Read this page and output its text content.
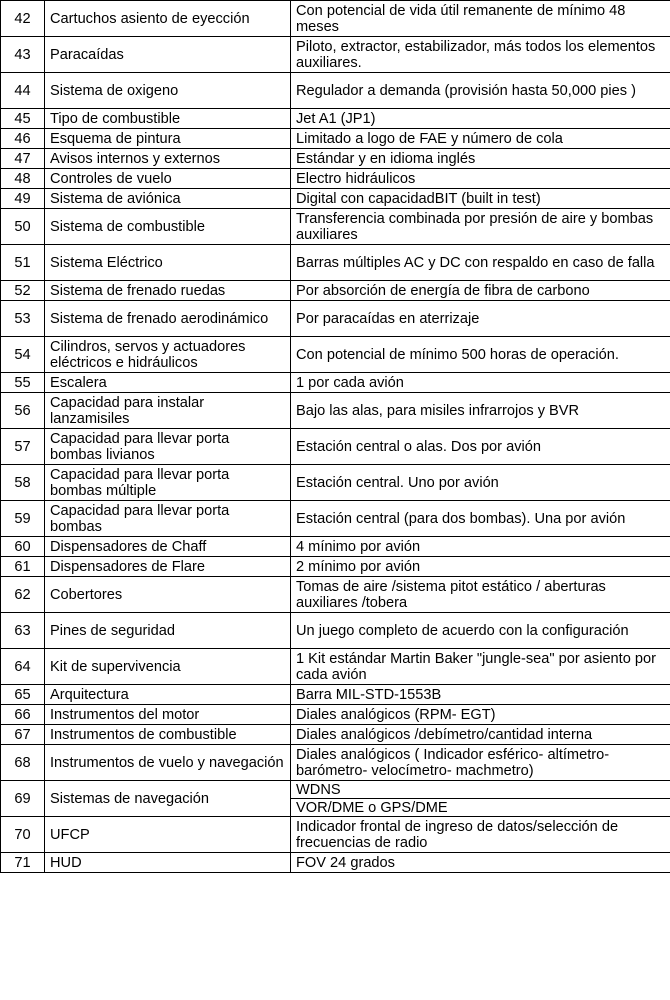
42	Cartuchos asiento de eyección	Con potencial de vida útil remanente de mínimo 48 meses
43	Paracaídas	Piloto, extractor, estabilizador, más todos los elementos auxiliares.
44	Sistema de oxigeno	Regulador a demanda (provisión hasta 50,000 pies )
45	Tipo de combustible	Jet A1 (JP1)
46	Esquema de pintura	Limitado a logo de FAE y número de cola
47	Avisos internos y externos	Estándar y en idioma inglés
48	Controles de vuelo	Electro hidráulicos
49	Sistema de aviónica	Digital con capacidadBIT (built in test)
50	Sistema de combustible	Transferencia combinada por presión de aire y bombas auxiliares
51	Sistema Eléctrico	Barras múltiples AC y DC con respaldo en caso de falla
52	Sistema de frenado ruedas	Por absorción de energía de fibra de carbono
53	Sistema de frenado aerodinámico	Por paracaídas en aterrizaje
54	Cilindros, servos y actuadores eléctricos e hidráulicos	Con potencial de mínimo 500 horas de operación.
55	Escalera	1 por cada avión
56	Capacidad para instalar lanzamisiles	Bajo las alas, para misiles infrarrojos y BVR
57	Capacidad para llevar porta bombas livianos	Estación central o alas. Dos por avión
58	Capacidad para llevar porta bombas múltiple	Estación central. Uno por avión
59	Capacidad para llevar porta bombas	Estación central (para dos bombas). Una por avión
60	Dispensadores de Chaff	4 mínimo por avión
61	Dispensadores de Flare	2 mínimo por avión
62	Cobertores	Tomas de aire /sistema pitot estático / aberturas auxiliares /tobera
63	Pines de seguridad	Un juego completo de acuerdo con la configuración
64	Kit de supervivencia	1 Kit estándar Martin Baker "jungle-sea" por asiento por cada avión
65	Arquitectura	Barra MIL-STD-1553B
66	Instrumentos del motor	Diales analógicos (RPM- EGT)
67	Instrumentos de combustible	Diales analógicos /debímetro/cantidad interna
68	Instrumentos de vuelo y navegación	Diales analógicos ( Indicador esférico- altímetro-barómetro- velocímetro- machmetro)
69	Sistemas de navegación	WDNS
		VOR/DME o GPS/DME
70	UFCP	Indicador frontal de ingreso de datos/selección de frecuencias de radio
71	HUD	FOV 24 grados
